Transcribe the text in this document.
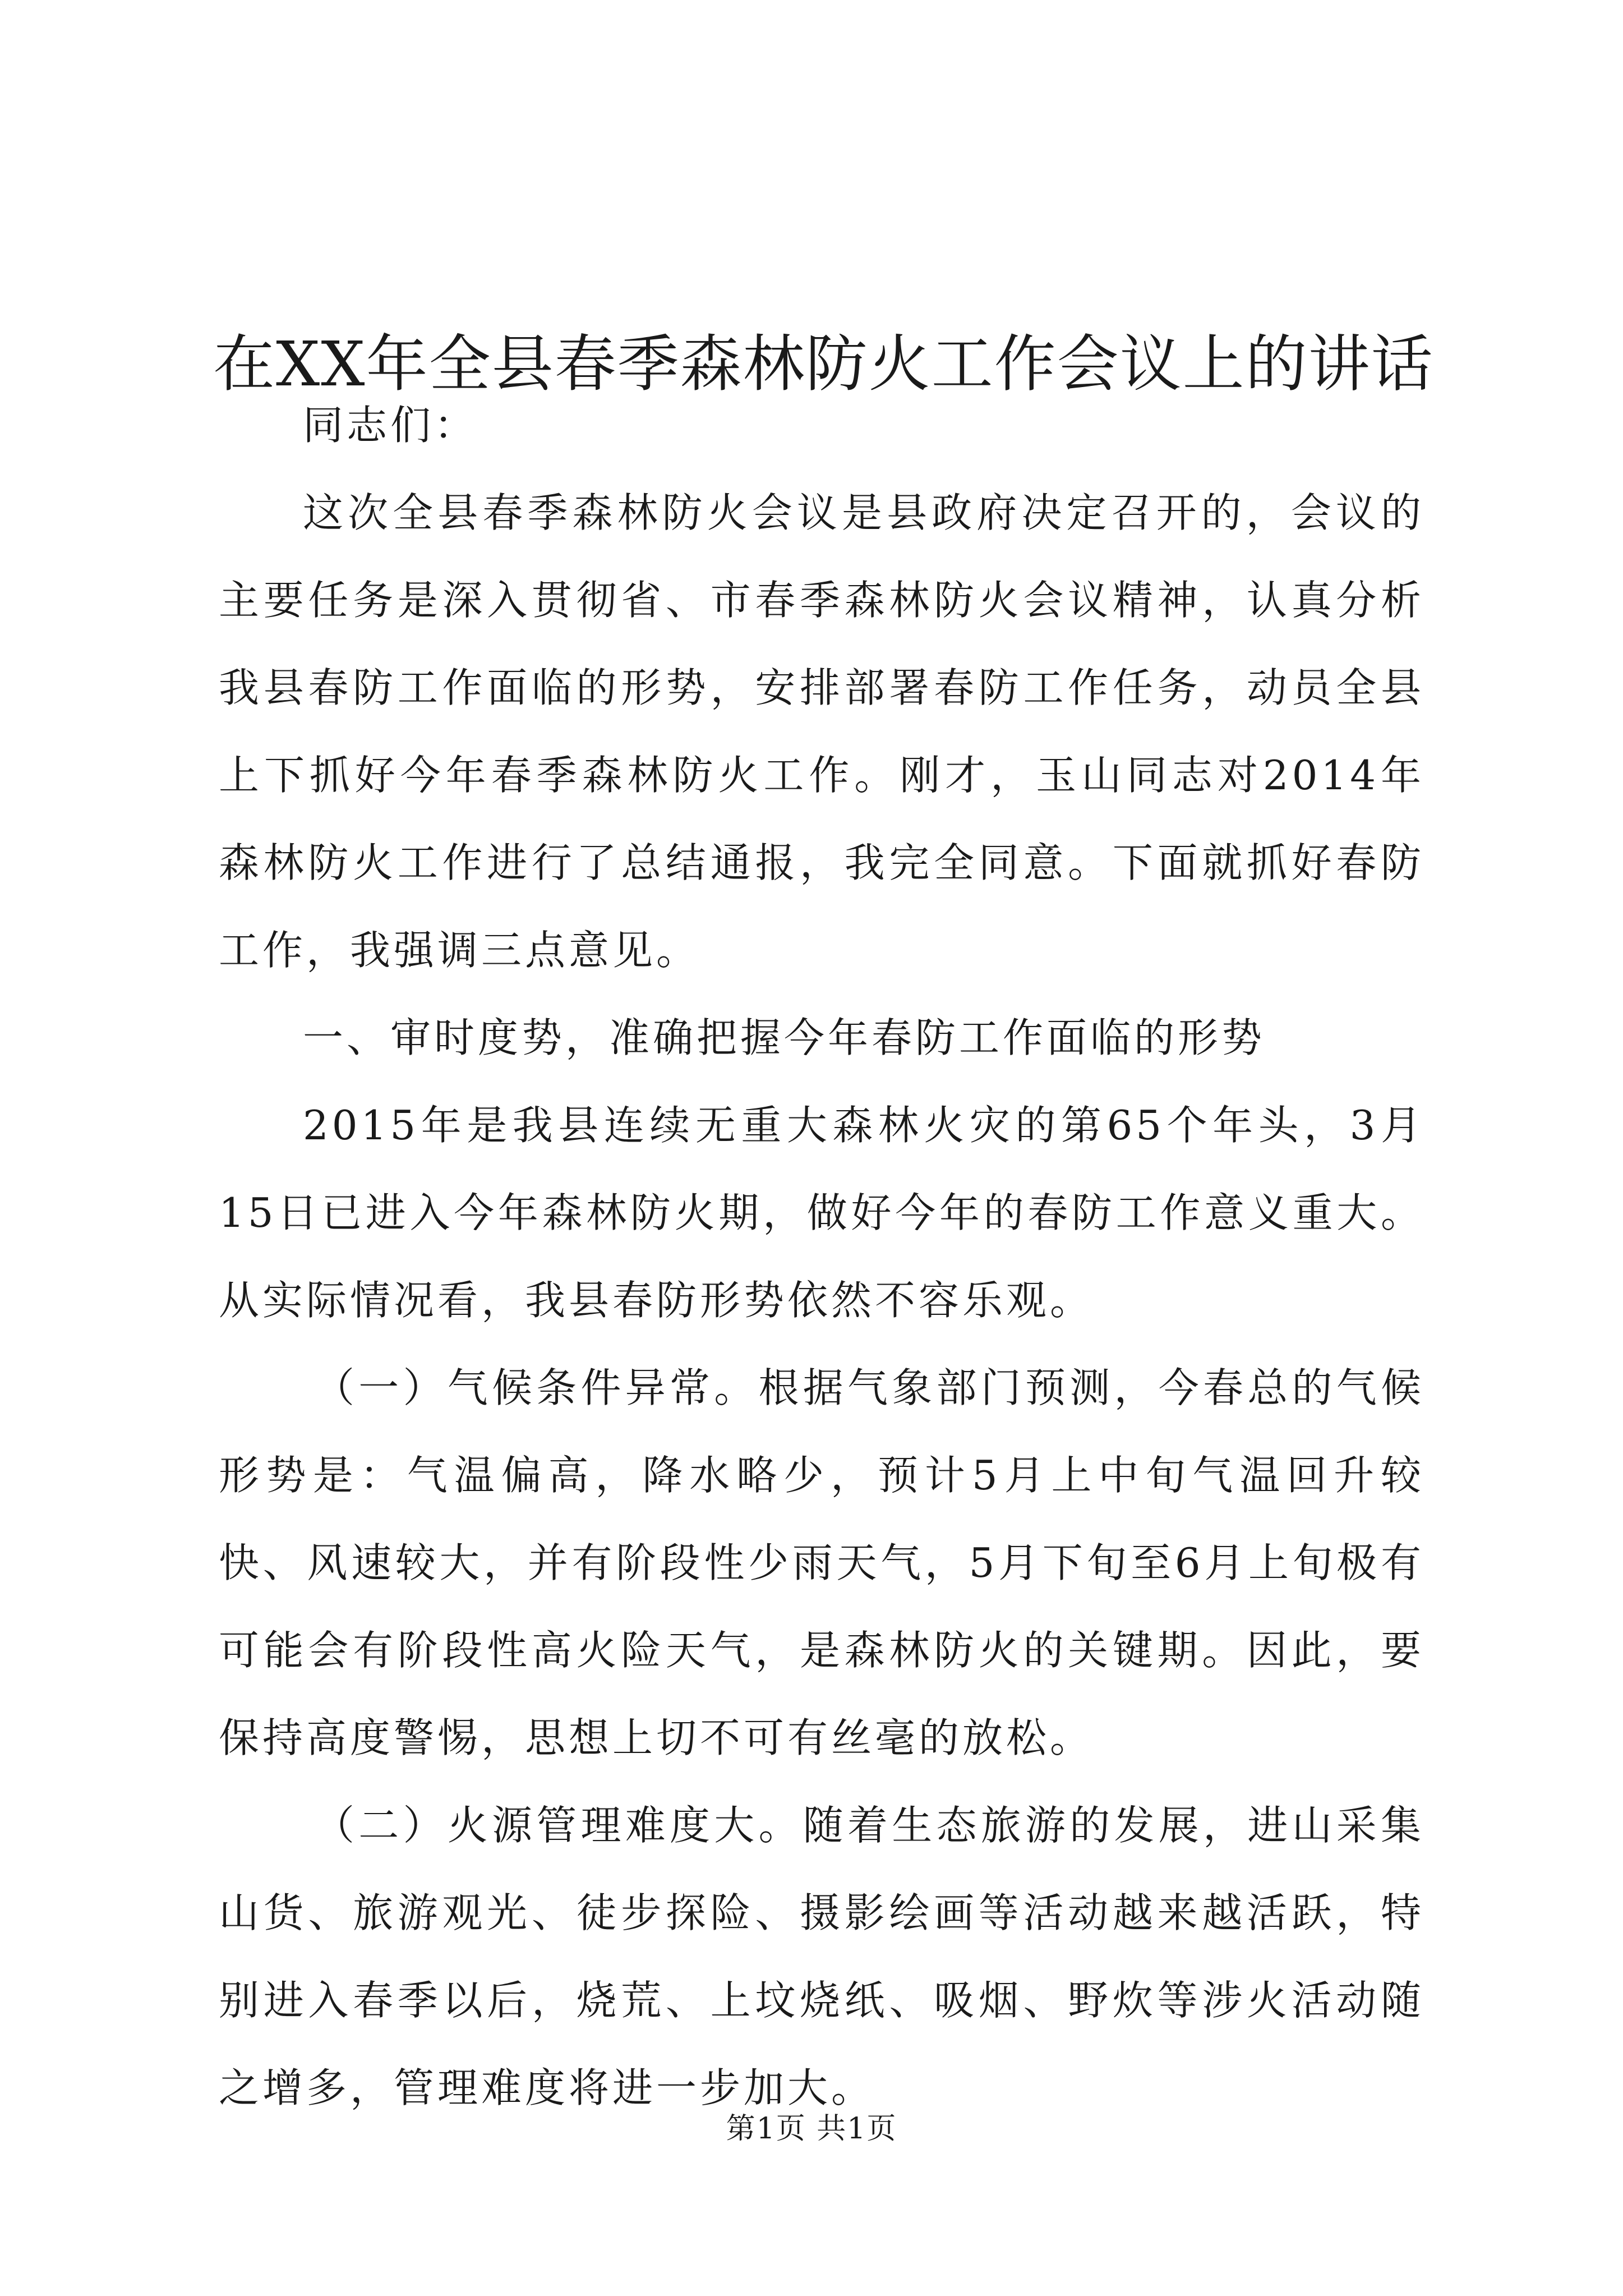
在XX年全县春季森林防火工作会议上的讲话

同志们：

这次全县春季森林防火会议是县政府决定召开的，会议的主要任务是深入贯彻省、市春季森林防火会议精神，认真分析我县春防工作面临的形势，安排部署春防工作任务，动员全县上下抓好今年春季森林防火工作。刚才，玉山同志对2014年森林防火工作进行了总结通报，我完全同意。下面就抓好春防工作，我强调三点意见。

一、审时度势，准确把握今年春防工作面临的形势

2015年是我县连续无重大森林火灾的第65个年头，3月15日已进入今年森林防火期，做好今年的春防工作意义重大。从实际情况看，我县春防形势依然不容乐观。

（一）气候条件异常。根据气象部门预测，今春总的气候形势是：气温偏高，降水略少，预计5月上中旬气温回升较快、风速较大，并有阶段性少雨天气，5月下旬至6月上旬极有可能会有阶段性高火险天气，是森林防火的关键期。因此，要保持高度警惕，思想上切不可有丝毫的放松。

（二）火源管理难度大。随着生态旅游的发展，进山采集山货、旅游观光、徒步探险、摄影绘画等活动越来越活跃，特别进入春季以后，烧荒、上坟烧纸、吸烟、野炊等涉火活动随之增多，管理难度将进一步加大。

第1页 共1页
